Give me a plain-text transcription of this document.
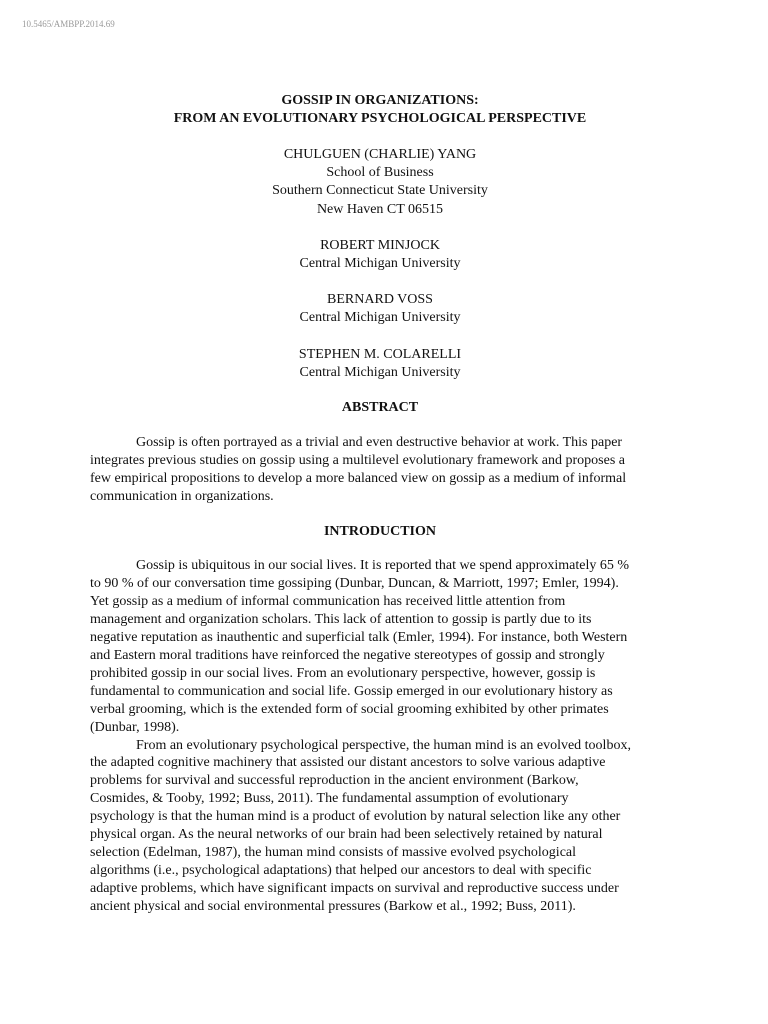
10.5465/AMBPP.2014.69
GOSSIP IN ORGANIZATIONS:
FROM AN EVOLUTIONARY PSYCHOLOGICAL PERSPECTIVE
CHULGUEN (CHARLIE) YANG
School of Business
Southern Connecticut State University
New Haven CT 06515
ROBERT MINJOCK
Central Michigan University
BERNARD VOSS
Central Michigan University
STEPHEN M. COLARELLI
Central Michigan University
ABSTRACT

Gossip is often portrayed as a trivial and even destructive behavior at work. This paper
integrates previous studies on gossip using a multilevel evolutionary framework and proposes a
few empirical propositions to develop a more balanced view on gossip as a medium of informal
communication in organizations.

INTRODUCTION

Gossip is ubiquitous in our social lives. It is reported that we spend approximately 65 %
to 90 % of our conversation time gossiping (Dunbar, Duncan, & Marriott, 1997; Emler, 1994).
Yet gossip as a medium of informal communication has received little attention from
management and organization scholars. This lack of attention to gossip is partly due to its
negative reputation as inauthentic and superficial talk (Emler, 1994). For instance, both Western
and Eastern moral traditions have reinforced the negative stereotypes of gossip and strongly
prohibited gossip in our social lives. From an evolutionary perspective, however, gossip is
fundamental to communication and social life. Gossip emerged in our evolutionary history as
verbal grooming, which is the extended form of social grooming exhibited by other primates
(Dunbar, 1998).

From an evolutionary psychological perspective, the human mind is an evolved toolbox,
the adapted cognitive machinery that assisted our distant ancestors to solve various adaptive
problems for survival and successful reproduction in the ancient environment (Barkow,
Cosmides, & Tooby, 1992; Buss, 2011). The fundamental assumption of evolutionary
psychology is that the human mind is a product of evolution by natural selection like any other
physical organ. As the neural networks of our brain had been selectively retained by natural
selection (Edelman, 1987), the human mind consists of massive evolved psychological
algorithms (i.e., psychological adaptations) that helped our ancestors to deal with specific
adaptive problems, which have significant impacts on survival and reproductive success under
ancient physical and social environmental pressures (Barkow et al., 1992; Buss, 2011).
